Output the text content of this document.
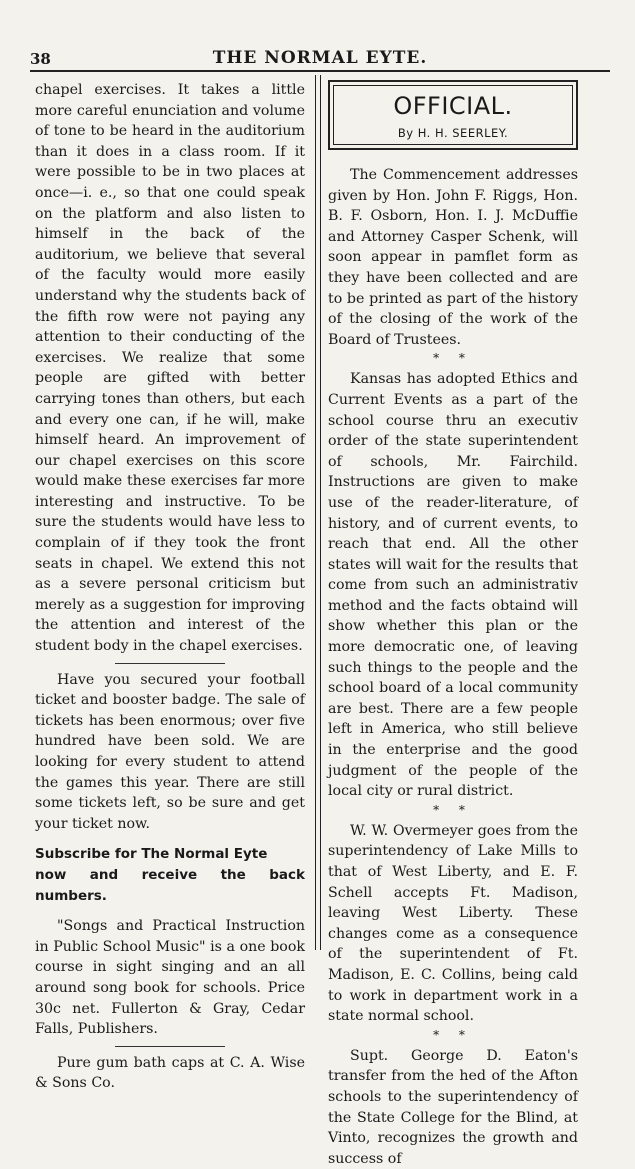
38	THE NORMAL EYTE.

chapel exercises. It takes a little more careful enunciation and volume of tone to be heard in the auditorium than it does in a class room. If it were possible to be in two places at once—i. e., so that one could speak on the platform and also listen to himself in the back of the auditorium, we believe that several of the faculty would more easily understand why the students back of the fifth row were not paying any attention to their conducting of the exercises. We realize that some people are gifted with better carrying tones than others, but each and every one can, if he will, make himself heard. An improvement of our chapel exercises on this score would make these exercises far more interesting and instructive. To be sure the students would have less to complain of if they took the front seats in chapel. We extend this not as a severe personal criticism but merely as a suggestion for improving the attention and interest of the student body in the chapel exercises.

Have you secured your football ticket and booster badge. The sale of tickets has been enormous; over five hundred have been sold. We are looking for every student to attend the games this year. There are still some tickets left, so be sure and get your ticket now.

Subscribe for The Normal Eyte

now and receive the back numbers.

"Songs and Practical Instruction in Public School Music" is a one book course in sight singing and an all around song book for schools. Price 30c net. Fullerton & Gray, Cedar Falls, Publishers.

Pure gum bath caps at C. A. Wise & Sons Co.

OFFICIAL.
By H. H. SEERLEY.

The Commencement addresses given by Hon. John F. Riggs, Hon. B. F. Osborn, Hon. I. J. McDuffie and Attorney Casper Schenk, will soon appear in pamflet form as they have been collected and are to be printed as part of the history of the closing of the work of the Board of Trustees.

* *

Kansas has adopted Ethics and Current Events as a part of the school course thru an executiv order of the state superintendent of schools, Mr. Fairchild. Instructions are given to make use of the reader-literature, of history, and of current events, to reach that end. All the other states will wait for the results that come from such an administrativ method and the facts obtaind will show whether this plan or the more democratic one, of leaving such things to the people and the school board of a local community are best. There are a few people left in America, who still believe in the enterprise and the good judgment of the people of the local city or rural district.

* *

W. W. Overmeyer goes from the superintendency of Lake Mills to that of West Liberty, and E. F. Schell accepts Ft. Madison, leaving West Liberty. These changes come as a consequence of the superintendent of Ft. Madison, E. C. Collins, being cald to work in department work in a state normal school.

* *

Supt. George D. Eaton's transfer from the hed of the Afton schools to the superintendency of the State College for the Blind, at Vinto, recognizes the growth and success of
